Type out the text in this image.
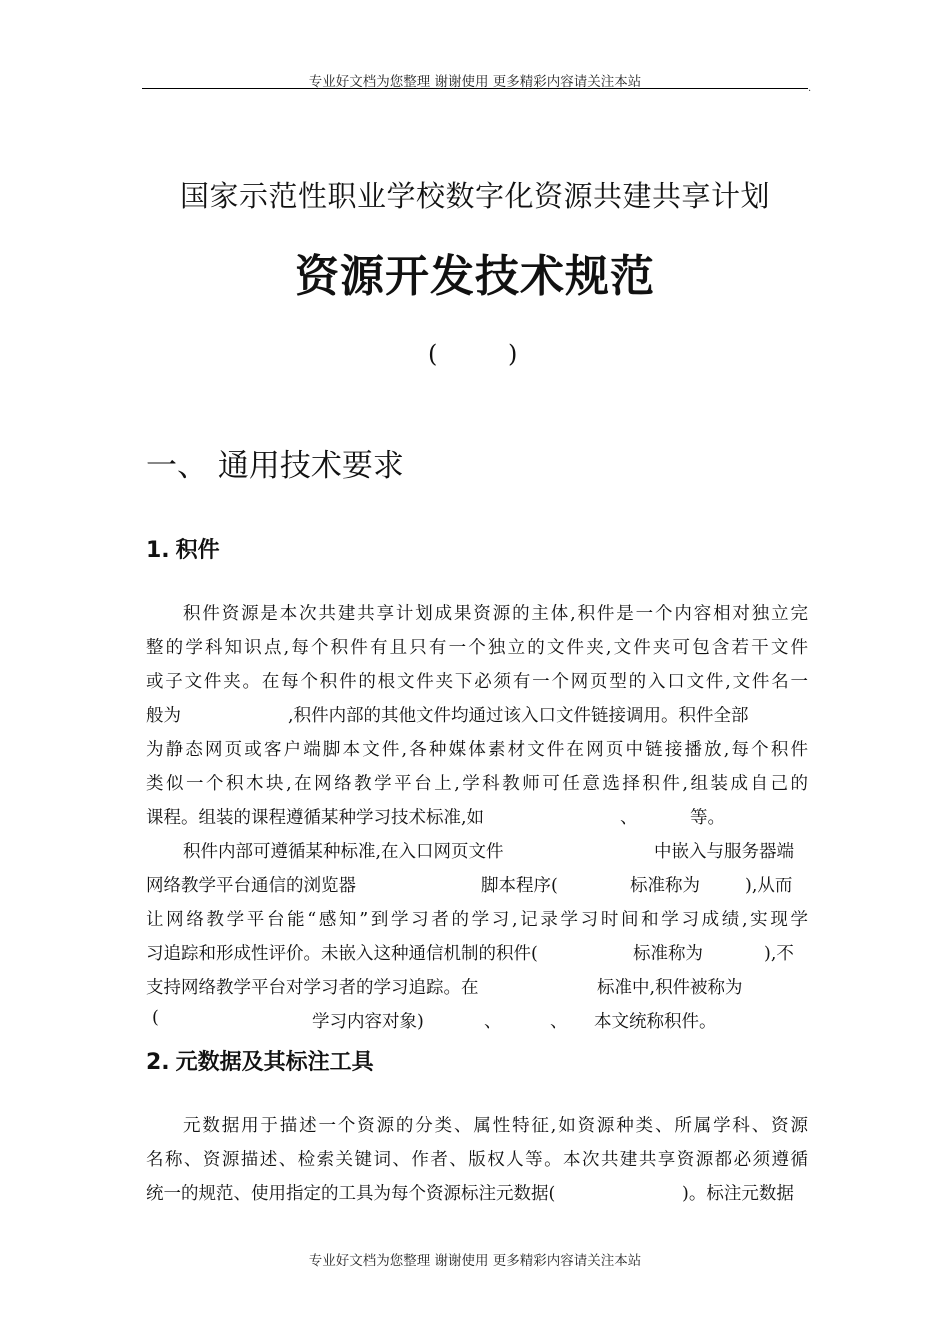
专业好文档为您整理 谢谢使用 更多精彩内容请关注本站	.
国家示范性职业学校数字化资源共建共享计划
资源开发技术规范
(	)
一、 通用技术要求
1. 积件
积件资源是本次共建共享计划成果资源的主体,积件是一个内容相对独立完
整的学科知识点,每个积件有且只有一个独立的文件夹,文件夹可包含若干文件
或子文件夹。在每个积件的根文件夹下必须有一个网页型的入口文件,文件名一
般为	,积件内部的其他文件均通过该入口文件链接调用。积件全部
为静态网页或客户端脚本文件,各种媒体素材文件在网页中链接播放,每个积件
类似一个积木块,在网络教学平台上,学科教师可任意选择积件,组装成自己的
课程。组装的课程遵循某种学习技术标准,如	、	等。
积件内部可遵循某种标准,在入口网页文件	中嵌入与服务器端
网络教学平台通信的浏览器	脚本程序(	标准称为	),从而
让网络教学平台能“感知”到学习者的学习,记录学习时间和学习成绩,实现学
习追踪和形成性评价。未嵌入这种通信机制的积件(	标准称为	),不
支持网络教学平台对学习者的学习追踪。在	标准中,积件被称为
(	学习内容对象)	、	、 本文统称积件。
2. 元数据及其标注工具
元数据用于描述一个资源的分类、属性特征,如资源种类、所属学科、资源
名称、资源描述、检索关键词、作者、版权人等。本次共建共享资源都必须遵循
统一的规范、使用指定的工具为每个资源标注元数据(	)。标注元数据
专业好文档为您整理 谢谢使用 更多精彩内容请关注本站
